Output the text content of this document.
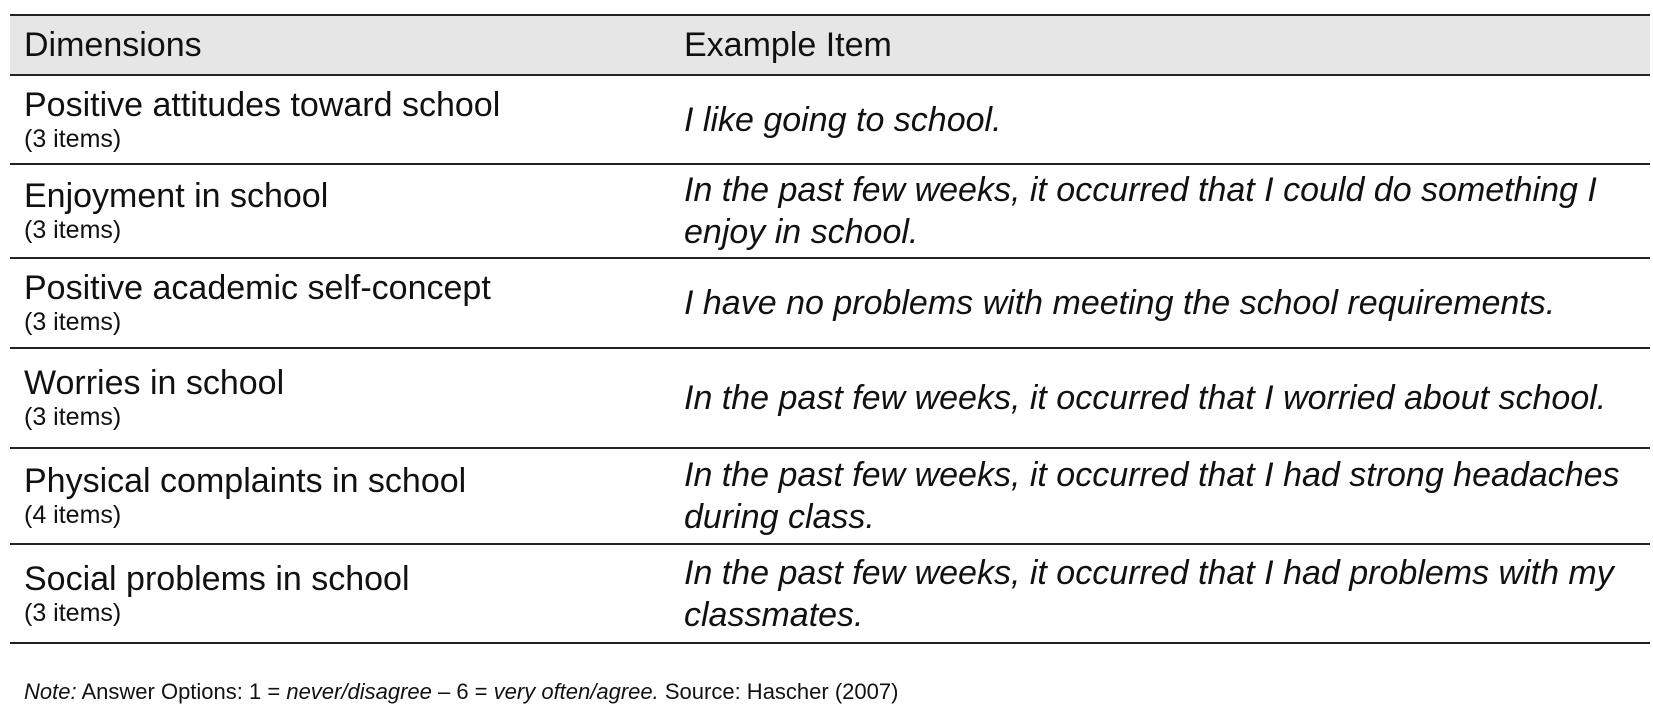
Dimensions	Example Item

Positive attitudes toward school
(3 items)	I like going to school.

Enjoyment in school
(3 items)	In the past few weeks, it occurred that I could do something I enjoy in school.

Positive academic self-concept
(3 items)	I have no problems with meeting the school requirements.

Worries in school
(3 items)	In the past few weeks, it occurred that I worried about school.

Physical complaints in school
(4 items)	In the past few weeks, it occurred that I had strong headaches during class.

Social problems in school
(3 items)	In the past few weeks, it occurred that I had problems with my classmates.
Note: Answer Options: 1 = never/disagree – 6 = very often/agree. Source: Hascher (2007)
